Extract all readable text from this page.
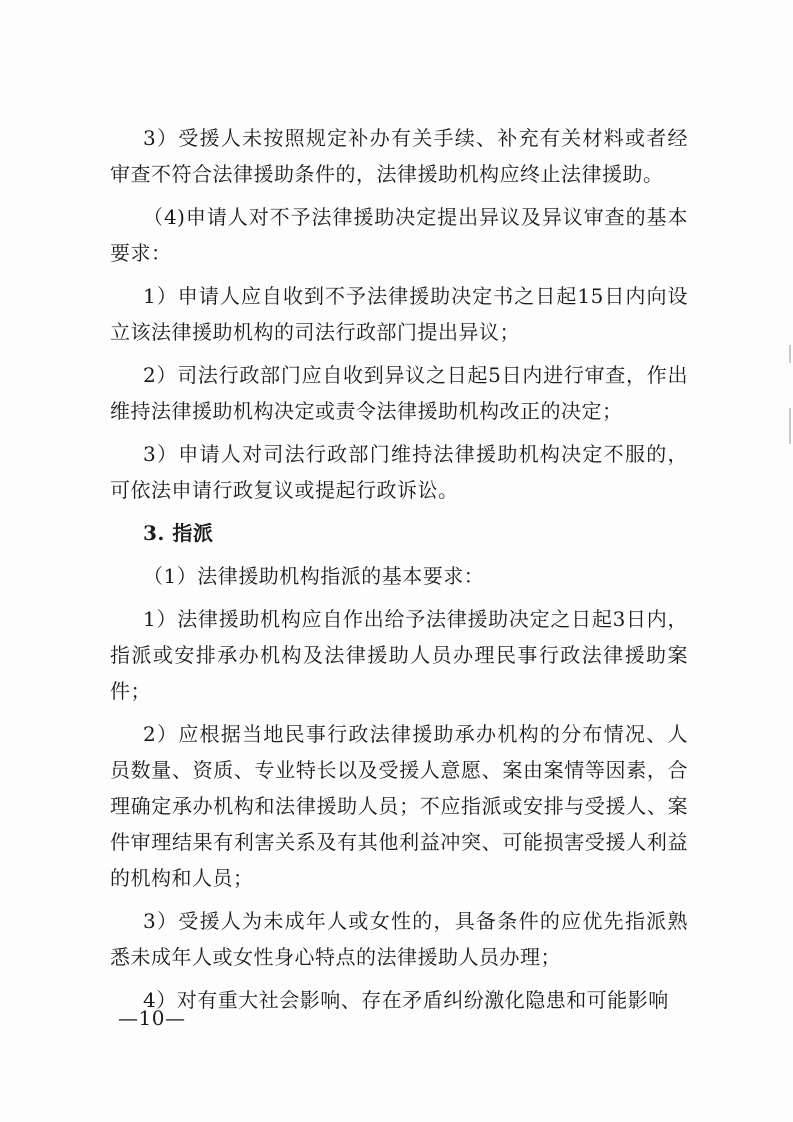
3）受援人未按照规定补办有关手续、补充有关材料或者经审查不符合法律援助条件的，法律援助机构应终止法律援助。

（4)申请人对不予法律援助决定提出异议及异议审查的基本要求：

1）申请人应自收到不予法律援助决定书之日起15日内向设立该法律援助机构的司法行政部门提出异议；

2）司法行政部门应自收到异议之日起5日内进行审查，作出维持法律援助机构决定或责令法律援助机构改正的决定；

3）申请人对司法行政部门维持法律援助机构决定不服的，可依法申请行政复议或提起行政诉讼。

3. 指派

（1）法律援助机构指派的基本要求：

1）法律援助机构应自作出给予法律援助决定之日起3日内，指派或安排承办机构及法律援助人员办理民事行政法律援助案件；

2）应根据当地民事行政法律援助承办机构的分布情况、人员数量、资质、专业特长以及受援人意愿、案由案情等因素，合理确定承办机构和法律援助人员；不应指派或安排与受援人、案件审理结果有利害关系及有其他利益冲突、可能损害受援人利益的机构和人员；

3）受援人为未成年人或女性的，具备条件的应优先指派熟悉未成年人或女性身心特点的法律援助人员办理；

4）对有重大社会影响、存在矛盾纠纷激化隐患和可能影响

—10—
